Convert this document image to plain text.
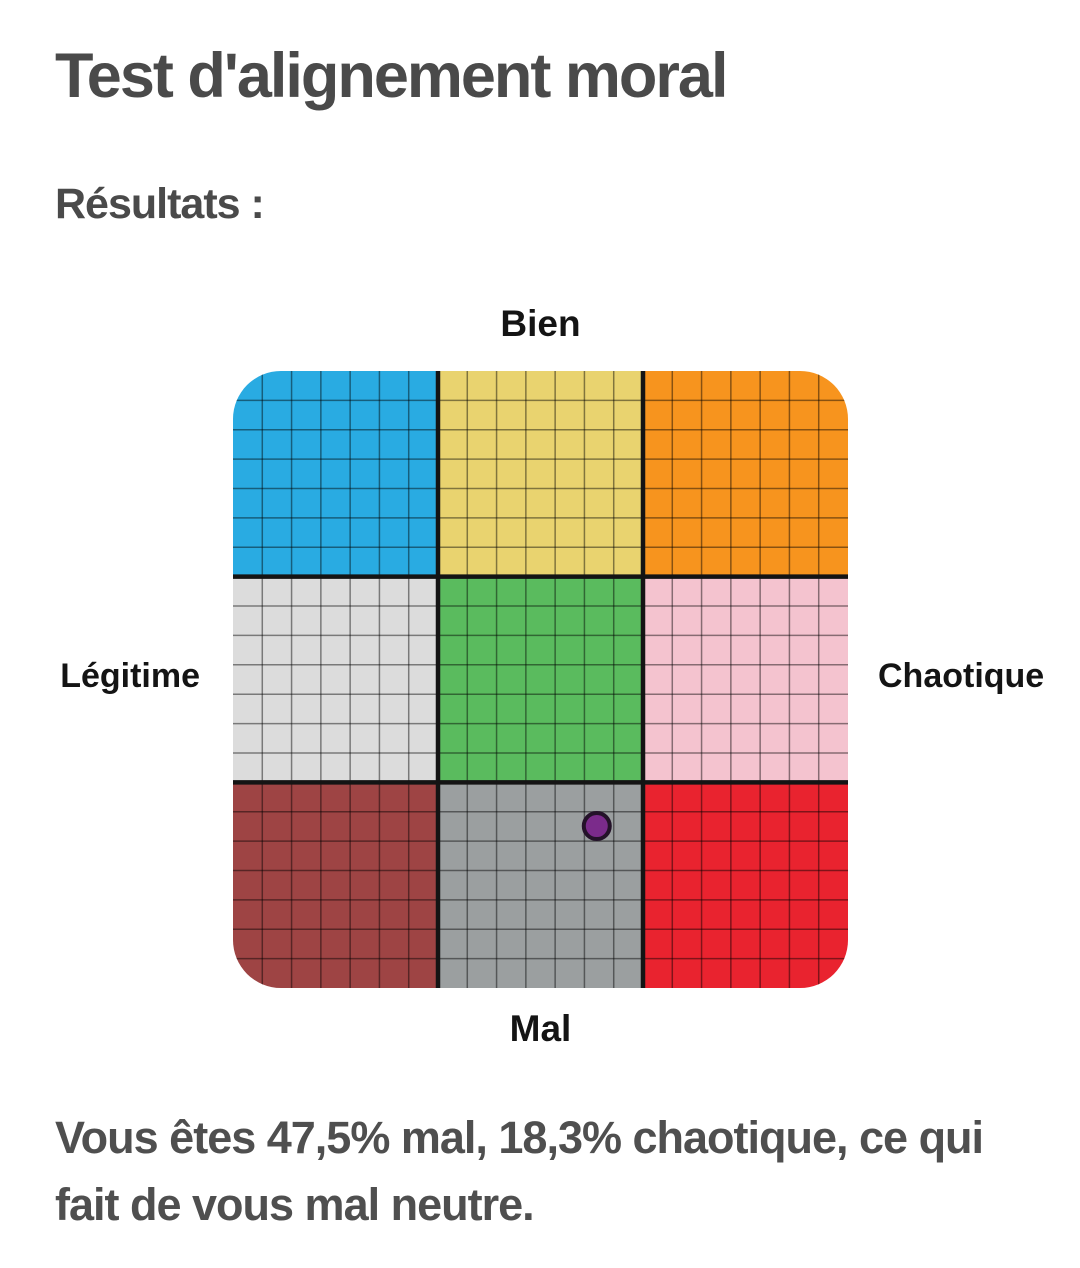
Test d'alignement moral
Résultats :

Bien

Légitime	Chaotique

Mal

Vous êtes 47,5% mal, 18,3% chaotique, ce qui fait de vous mal neutre.
